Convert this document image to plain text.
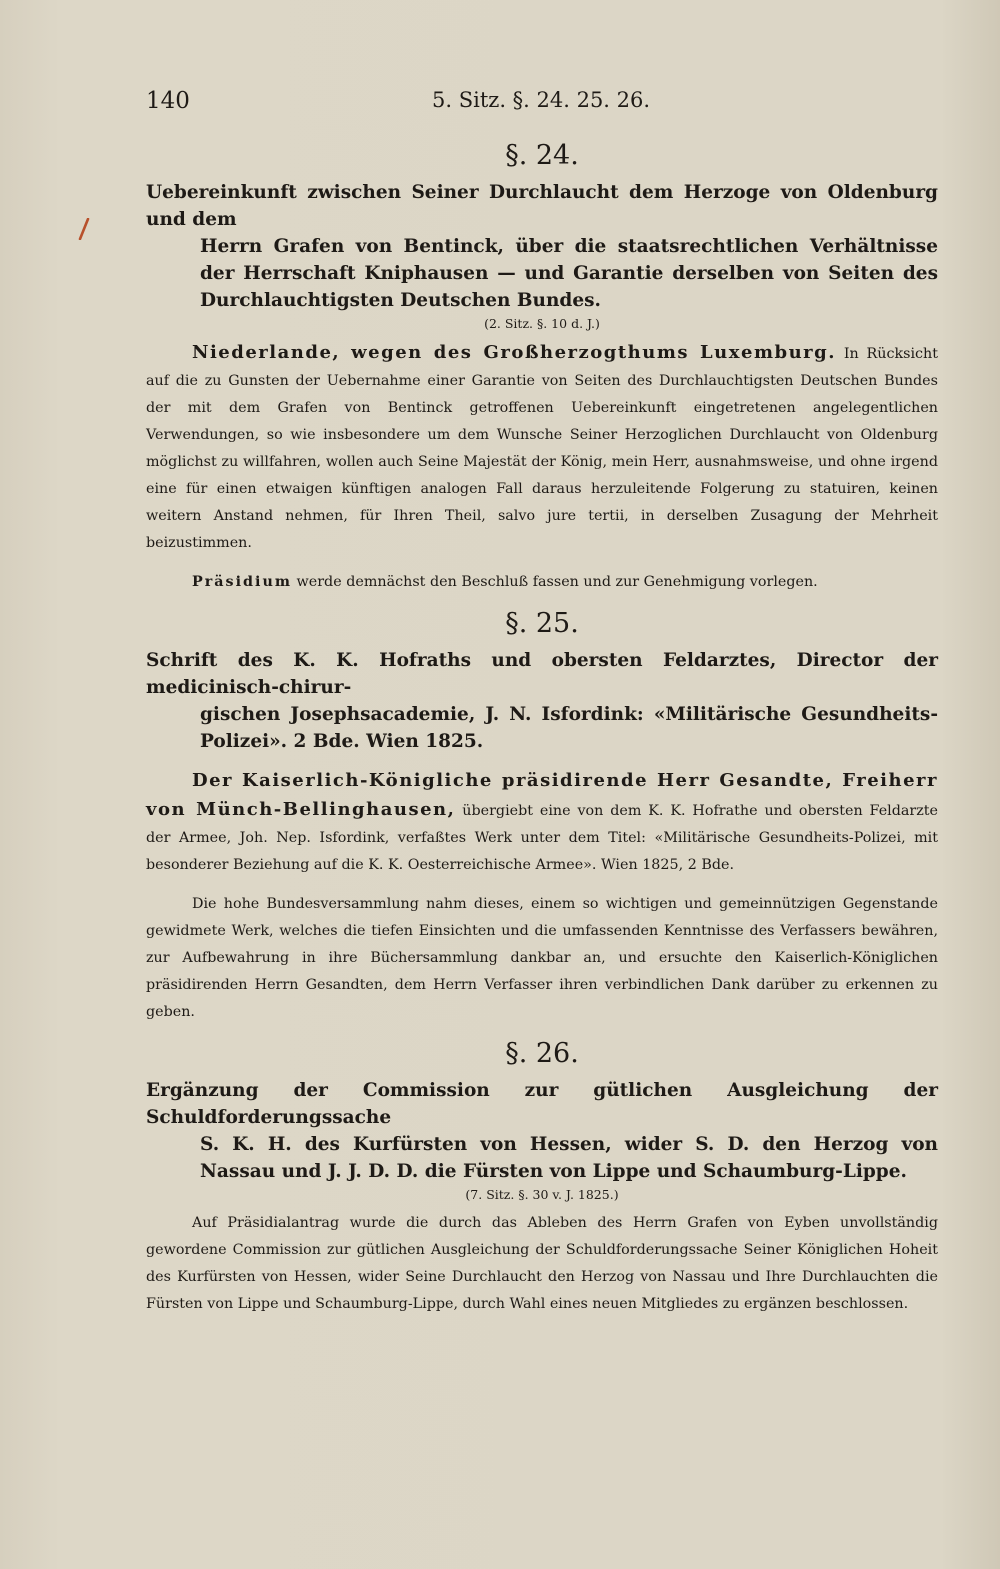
140	5. Sitz. §. 24. 25. 26.
§. 24.
Uebereinkunft zwischen Seiner Durchlaucht dem Herzoge von Oldenburg und dem
Herrn Grafen von Bentinck, über die staatsrechtlichen Verhältnisse der Herrschaft Kniphausen — und Garantie derselben von Seiten des Durchlauchtigsten Deutschen Bundes.
(2. Sitz. §. 10 d. J.)

Niederlande, wegen des Großherzogthums Luxemburg. In Rücksicht auf die zu Gunsten der Uebernahme einer Garantie von Seiten des Durchlauchtigsten Deutschen Bundes der mit dem Grafen von Bentinck getroffenen Uebereinkunft eingetretenen angelegentlichen Verwendungen, so wie insbesondere um dem Wunsche Seiner Herzoglichen Durchlaucht von Oldenburg möglichst zu willfahren, wollen auch Seine Majestät der König, mein Herr, ausnahmsweise, und ohne irgend eine für einen etwaigen künftigen analogen Fall daraus herzuleitende Folgerung zu statuiren, keinen weitern Anstand nehmen, für Ihren Theil, salvo jure tertii, in derselben Zusagung der Mehrheit beizustimmen.

Präsidium werde demnächst den Beschluß fassen und zur Genehmigung vorlegen.

§. 25.
Schrift des K. K. Hofraths und obersten Feldarztes, Director der medicinisch-chirur-
gischen Josephsacademie, J. N. Isfordink: «Militärische Gesundheits-Polizei». 2 Bde. Wien 1825.

Der Kaiserlich-Königliche präsidirende Herr Gesandte, Freiherr von Münch-Bellinghausen, übergiebt eine von dem K. K. Hofrathe und obersten Feldarzte der Armee, Joh. Nep. Isfordink, verfaßtes Werk unter dem Titel: «Militärische Gesundheits-Polizei, mit besonderer Beziehung auf die K. K. Oesterreichische Armee». Wien 1825, 2 Bde.

Die hohe Bundesversammlung nahm dieses, einem so wichtigen und gemeinnützigen Gegenstande gewidmete Werk, welches die tiefen Einsichten und die umfassenden Kenntnisse des Verfassers bewähren, zur Aufbewahrung in ihre Büchersammlung dankbar an, und ersuchte den Kaiserlich-Königlichen präsidirenden Herrn Gesandten, dem Herrn Verfasser ihren verbindlichen Dank darüber zu erkennen zu geben.

§. 26.
Ergänzung der Commission zur gütlichen Ausgleichung der Schuldforderungssache
S. K. H. des Kurfürsten von Hessen, wider S. D. den Herzog von Nassau und J. J. D. D. die Fürsten von Lippe und Schaumburg-Lippe.
(7. Sitz. §. 30 v. J. 1825.)

Auf Präsidialantrag wurde die durch das Ableben des Herrn Grafen von Eyben unvollständig gewordene Commission zur gütlichen Ausgleichung der Schuldforderungssache Seiner Königlichen Hoheit des Kurfürsten von Hessen, wider Seine Durchlaucht den Herzog von Nassau und Ihre Durchlauchten die Fürsten von Lippe und Schaumburg-Lippe, durch Wahl eines neuen Mitgliedes zu ergänzen beschlossen.
